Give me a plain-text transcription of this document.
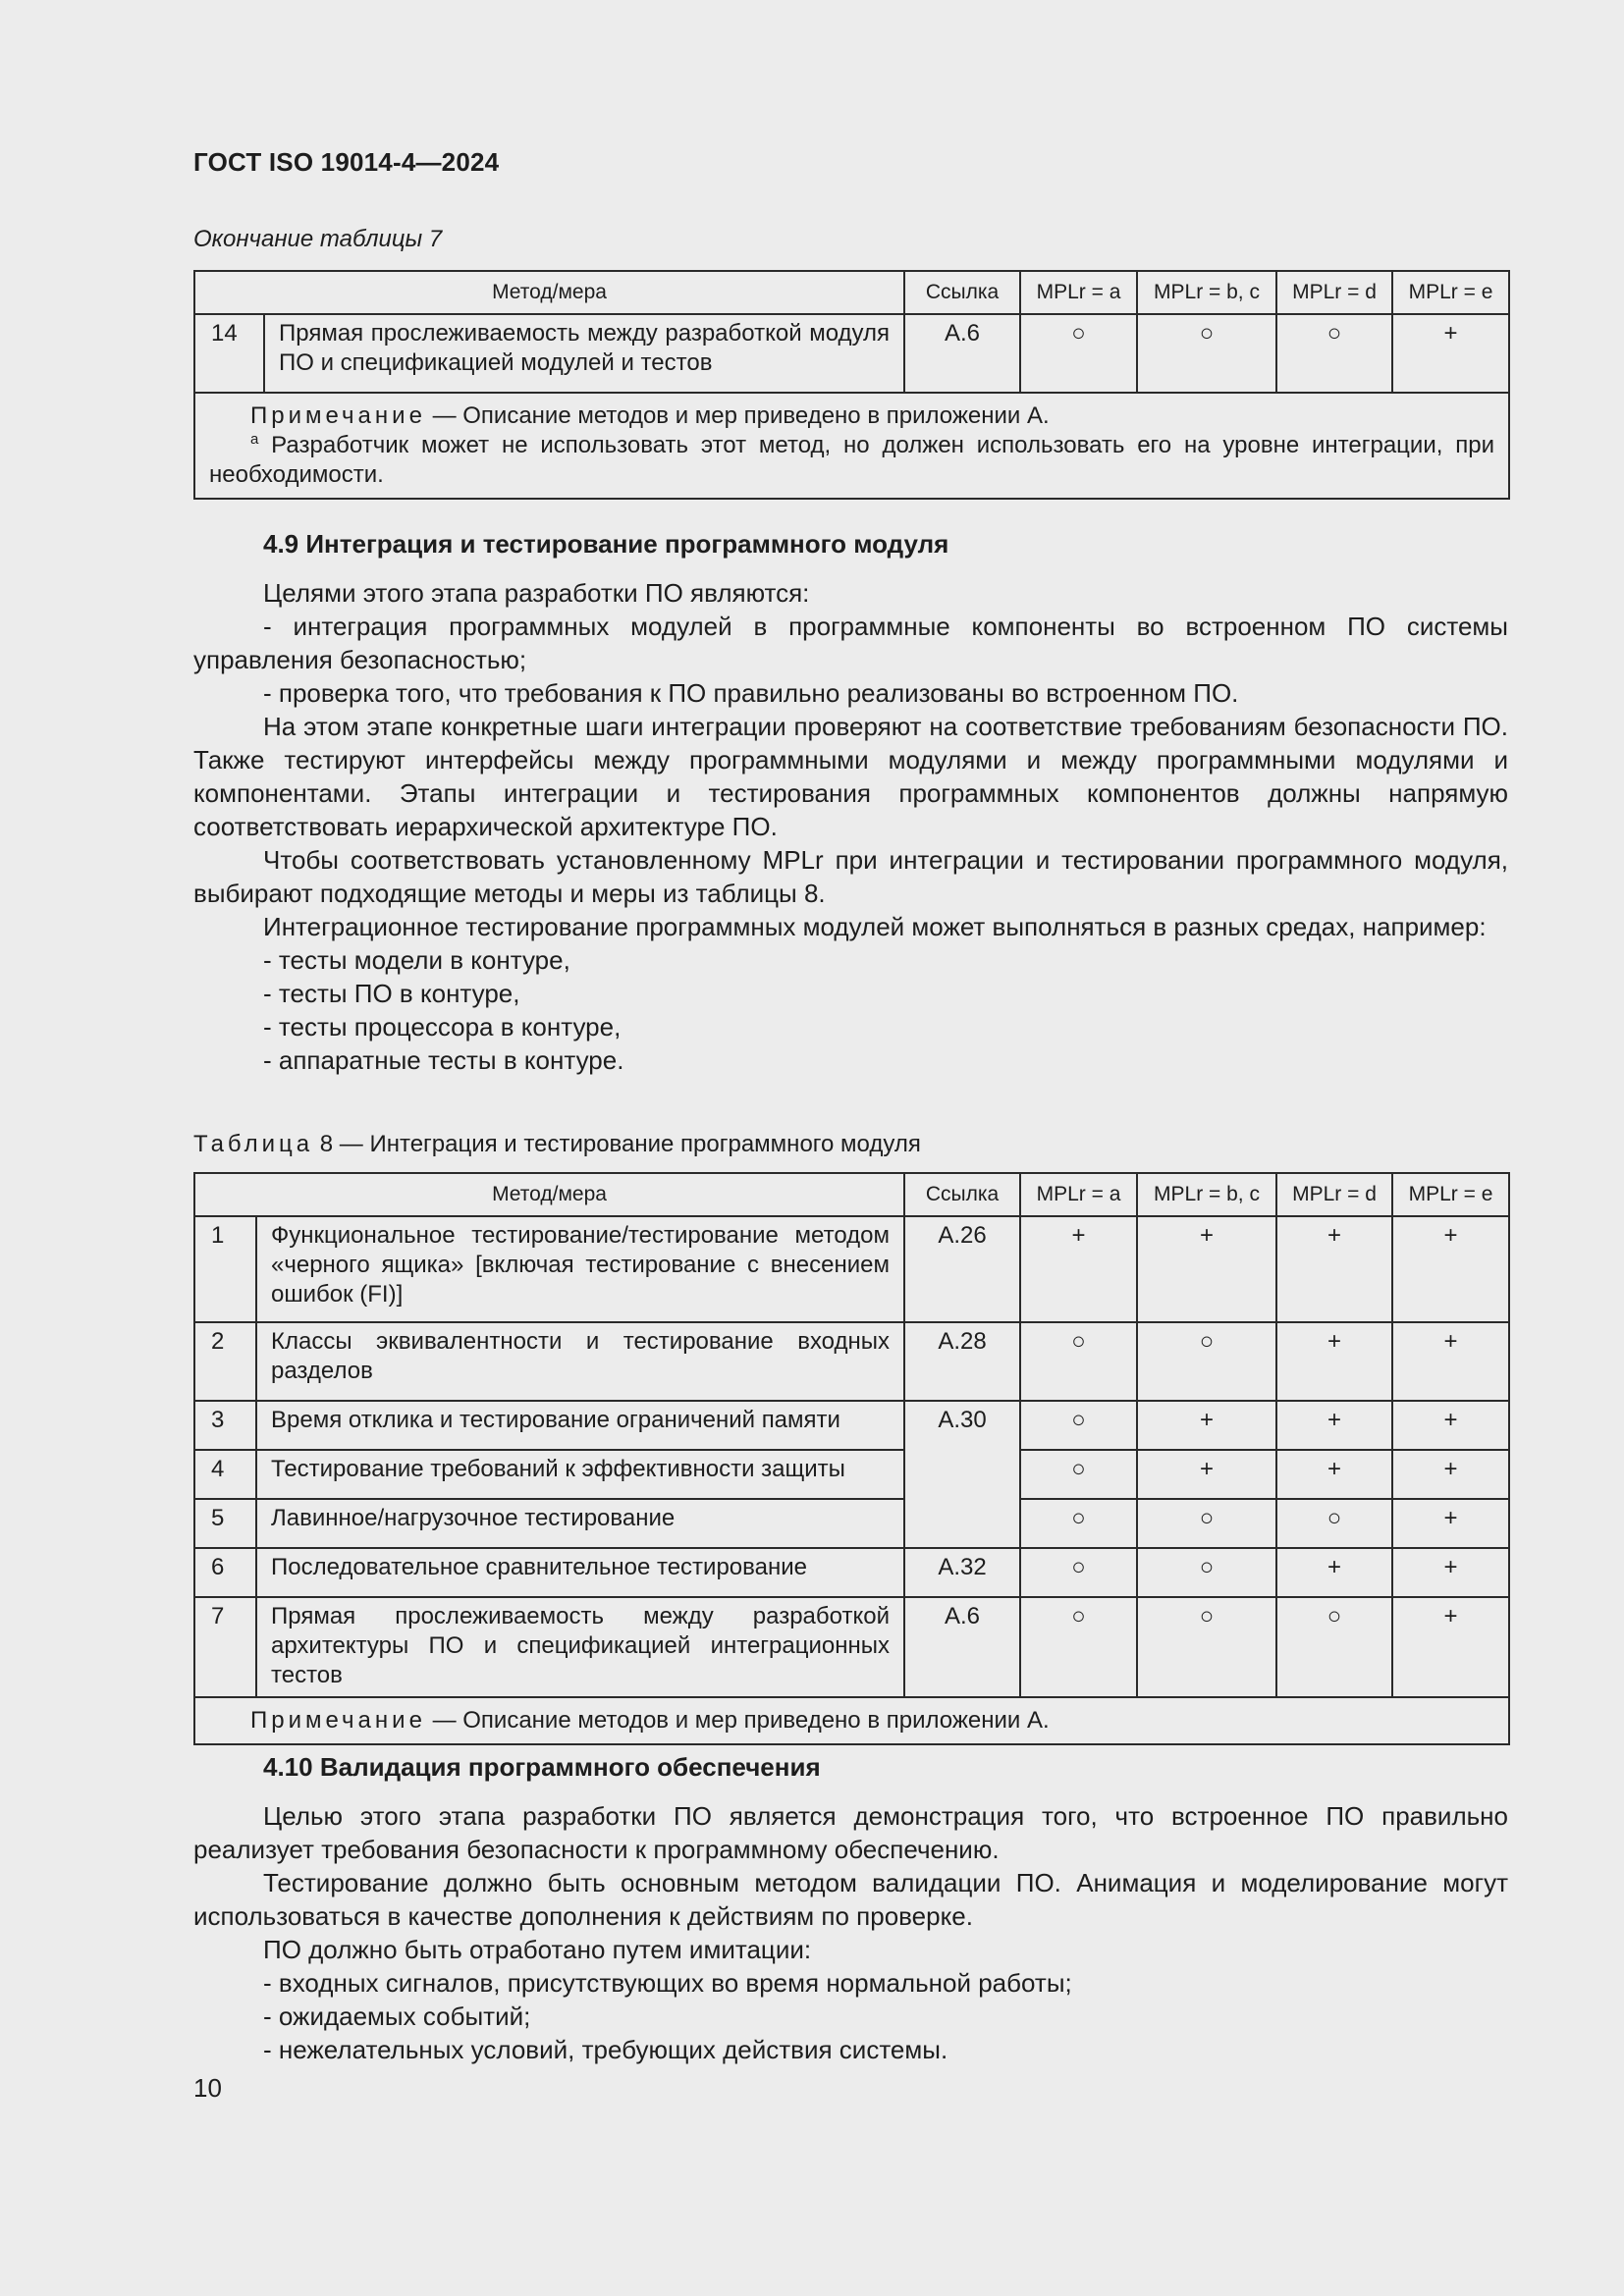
ГОСТ ISO 19014-4—2024
Окончание таблицы 7
Метод/мера		Ссылка	MPLr = a	MPLr = b, c	MPLr = d	MPLr = e
14	Прямая прослеживаемость между разработкой модуля ПО и спецификацией модулей и тестов	A.6	○	○	○	+

Примечание — Описание методов и мер приведено в приложении А.
$^a$ Разработчик может не использовать этот метод, но должен использовать его на уровне интеграции, при необходимости.						
4.9 Интеграция и тестирование программного модуля

Целями этого этапа разработки ПО являются:

- интеграция программных модулей в программные компоненты во встроенном ПО системы управления безопасностью;

- проверка того, что требования к ПО правильно реализованы во встроенном ПО.

На этом этапе конкретные шаги интеграции проверяют на соответствие требованиям безопасности ПО. Также тестируют интерфейсы между программными модулями и между программными модулями и компонентами. Этапы интеграции и тестирования программных компонентов должны напрямую соответствовать иерархической архитектуре ПО.

Чтобы соответствовать установленному MPLr при интеграции и тестировании программного модуля, выбирают подходящие методы и меры из таблицы 8.

Интеграционное тестирование программных модулей может выполняться в разных средах, например:

- тесты модели в контуре,

- тесты ПО в контуре,

- тесты процессора в контуре,

- аппаратные тесты в контуре.

Таблица 8 — Интеграция и тестирование программного модуля
Метод/мера		Ссылка	MPLr = a	MPLr = b, c	MPLr = d	MPLr = e
1	Функциональное тестирование/тестирование методом «черного ящика» [включая тестирование с внесением ошибок (FI)]	A.26	+	+	+	+
2	Классы эквивалентности и тестирование входных разделов	A.28	○	○	+	+
3	Время отклика и тестирование ограничений памяти	A.30	○	+	+	+
4	Тестирование требований к эффективности защиты		○	+	+	+
5	Лавинное/нагрузочное тестирование		○	○	○	+
6	Последовательное сравнительное тестирование	A.32	○	○	+	+
7	Прямая прослеживаемость между разработкой архитектуры ПО и спецификацией интеграционных тестов	A.6	○	○	○	+

Примечание — Описание методов и мер приведено в приложении А.						
4.10 Валидация программного обеспечения

Целью этого этапа разработки ПО является демонстрация того, что встроенное ПО правильно реализует требования безопасности к программному обеспечению.

Тестирование должно быть основным методом валидации ПО. Анимация и моделирование могут использоваться в качестве дополнения к действиям по проверке.

ПО должно быть отработано путем имитации:

- входных сигналов, присутствующих во время нормальной работы;

- ожидаемых событий;

- нежелательных условий, требующих действия системы.

10
